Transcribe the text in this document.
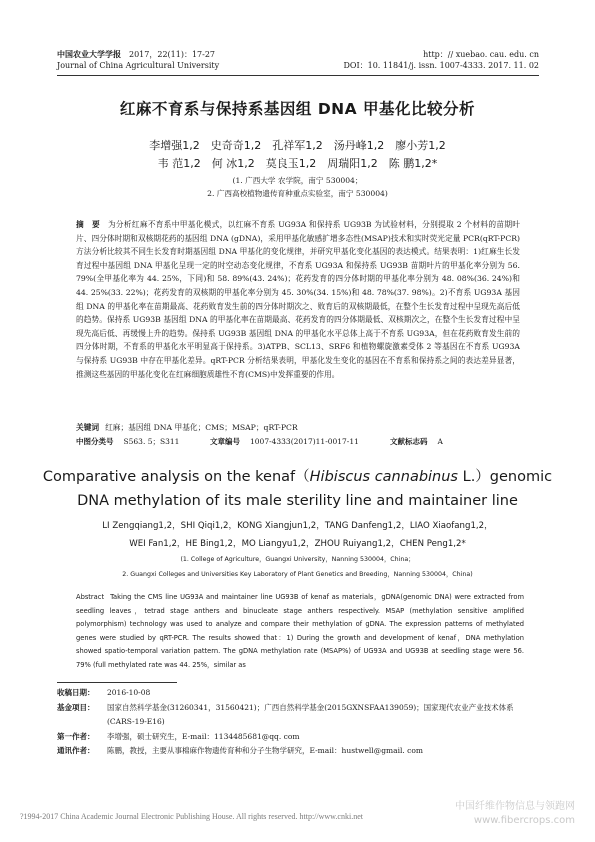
中国农业大学学报　 2017，22(11)：17-27
Journal of China Agricultural University
http：// xuebao. cau. edu. cn
DOI：10. 11841/j. issn. 1007-4333. 2017. 11. 02
红麻不育系与保持系基因组 DNA 甲基化比较分析
李增强1,2　史奇奇1,2　孔祥军1,2　汤丹峰1,2　廖小芳1,2
韦 范1,2　何 冰1,2　莫良玉1,2　周瑞阳1,2　陈 鹏1,2*
(1. 广西大学 农学院，南宁 530004；
2. 广西高校植物遗传育种重点实验室，南宁 530004)
摘　要 为分析红麻不育系中甲基化模式，以红麻不育系 UG93A 和保持系 UG93B 为试验材料，分别提取 2 个材料的苗期叶片、四分体时期和双核期花药的基因组 DNA (gDNA)，采用甲基化敏感扩增多态性(MSAP)技术和实时荧光定量 PCR(qRT-PCR)方法分析比较其不同生长发育时期基因组 DNA 甲基化的变化规律，并研究甲基化变化基因的表达模式。结果表明：1)红麻生长发育过程中基因组 DNA 甲基化呈现一定的时空动态变化规律，不育系 UG93A 和保持系 UG93B 苗期叶片的甲基化率分别为 56. 79%(全甲基化率为 44. 25%，下同)和 58. 89%(43. 24%)；花药发育的四分体时期的甲基化率分别为 48. 08%(36. 24%)和 44. 25%(33. 22%)；花药发育的双核期的甲基化率分别为 45. 30%(34. 15%)和 48. 78%(37. 98%)。2)不育系 UG93A 基因组 DNA 的甲基化率在苗期最高、花药败育发生前的四分体时期次之、败育后的双核期最低，在整个生长发育过程中呈现先高后低的趋势。保持系 UG93B 基因组 DNA 的甲基化率在苗期最高、花药发育的四分体期最低、双核期次之，在整个生长发育过程中呈现先高后低、再缓慢上升的趋势。保持系 UG93B 基因组 DNA 的甲基化水平总体上高于不育系 UG93A，但在花药败育发生前的四分体时期，不育系的甲基化水平明显高于保持系。3)ATPB、SCL13、SRF6 和植物螺旋激素受体 2 等基因在不育系 UG93A 与保持系 UG93B 中存在甲基化差异。qRT-PCR 分析结果表明，甲基化发生变化的基因在不育系和保持系之间的表达差异显著，推测这些基因的甲基化变化在红麻细胞质雄性不育(CMS)中发挥重要的作用。
关键词 红麻；基因组 DNA 甲基化；CMS；MSAP；qRT-PCR
中图分类号 S563. 5；S311	文章编号 1007-4333(2017)11-0017-11	文献标志码 A
Comparative analysis on the kenaf（Hibiscus cannabinus L.）genomic
DNA methylation of its male sterility line and maintainer line
LI Zengqiang1,2，SHI Qiqi1,2，KONG Xiangjun1,2，TANG Danfeng1,2，LIAO Xiaofang1,2，
WEI Fan1,2，HE Bing1,2，MO Liangyu1,2，ZHOU Ruiyang1,2，CHEN Peng1,2*
(1. College of Agriculture，Guangxi University，Nanning 530004，China；
2. Guangxi Colleges and Universities Key Laboratory of Plant Genetics and Breeding，Nanning 530004，China)
Abstract Taking the CMS line UG93A and maintainer line UG93B of kenaf as materials，gDNA(genomic DNA) were extracted from seedling leaves，tetrad stage anthers and binucleate stage anthers respectively. MSAP (methylation sensitive amplified polymorphism) technology was used to analyze and compare their methylation of gDNA. The expression patterns of methylated genes were studied by qRT-PCR. The results showed that：1) During the growth and development of kenaf，DNA methylation showed spatio-temporal variation pattern. The gDNA methylation rate (MSAP%) of UG93A and UG93B at seedling stage were 56. 79% (full methylated rate was 44. 25%，similar as
收稿日期：	2016-10-08
基金项目：	国家自然科学基金(31260341，31560421)；广西自然科学基金(2015GXNSFAA139059)；国家现代农业产业技术体系(CARS-19-E16)
第一作者：	李增强，硕士研究生，E-mail：1134485681@qq. com
通讯作者：	陈鹏，教授，主要从事棉麻作物遗传育种和分子生物学研究，E-mail：hustwell@gmail. com
?1994-2017 China Academic Journal Electronic Publishing House. All rights reserved. http://www.cnki.net
中国纤维作物信息与领跑网
www.fibercrops.com
